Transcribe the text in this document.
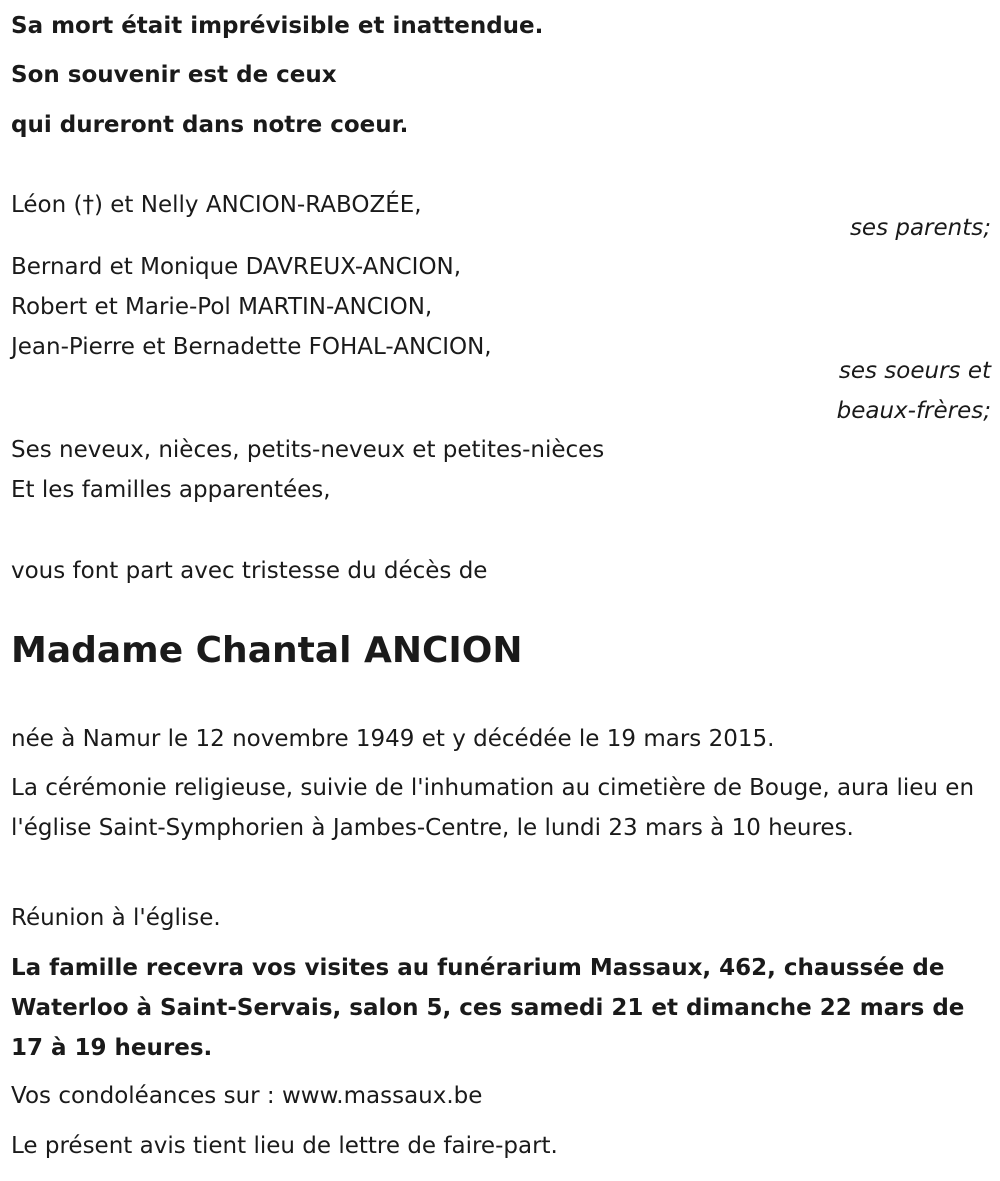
Sa mort était imprévisible et inattendue.
Son souvenir est de ceux
qui dureront dans notre coeur.
Léon (†) et Nelly ANCION-RABOZÉE,
ses parents;
Bernard et Monique DAVREUX-ANCION,
Robert et Marie-Pol MARTIN-ANCION,
Jean-Pierre et Bernadette FOHAL-ANCION,
ses soeurs et
beaux-frères;
Ses neveux, nièces, petits-neveux et petites-nièces
Et les familles apparentées,
vous font part avec tristesse du décès de
Madame Chantal ANCION
née à Namur le 12 novembre 1949 et y décédée le 19 mars 2015.
La cérémonie religieuse, suivie de l'inhumation au cimetière de Bouge, aura lieu en l'église Saint-Symphorien à Jambes-Centre, le lundi 23 mars à 10 heures.
Réunion à l'église.
La famille recevra vos visites au funérarium Massaux, 462, chaussée de Waterloo à Saint-Servais, salon 5, ces samedi 21 et dimanche 22 mars de 17 à 19 heures.
Vos condoléances sur : www.massaux.be
Le présent avis tient lieu de lettre de faire-part.
